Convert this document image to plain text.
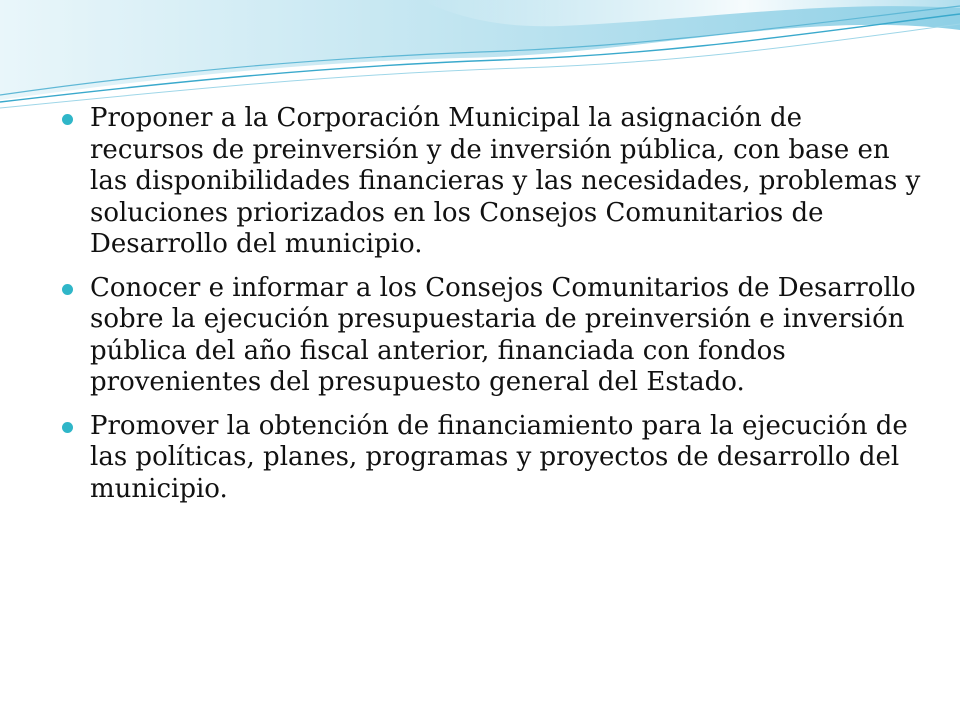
Proponer a la Corporación Municipal la asignación de recursos de preinversión y de inversión pública, con base en las disponibilidades financieras y las necesidades, problemas y soluciones priorizados en los Consejos Comunitarios de Desarrollo del municipio.
Conocer e informar a los Consejos Comunitarios de Desarrollo sobre la ejecución presupuestaria de preinversión e inversión pública del año fiscal anterior, financiada con fondos provenientes del presupuesto general del Estado.
Promover la obtención de financiamiento para la ejecución de las políticas, planes, programas y proyectos de desarrollo del municipio.
